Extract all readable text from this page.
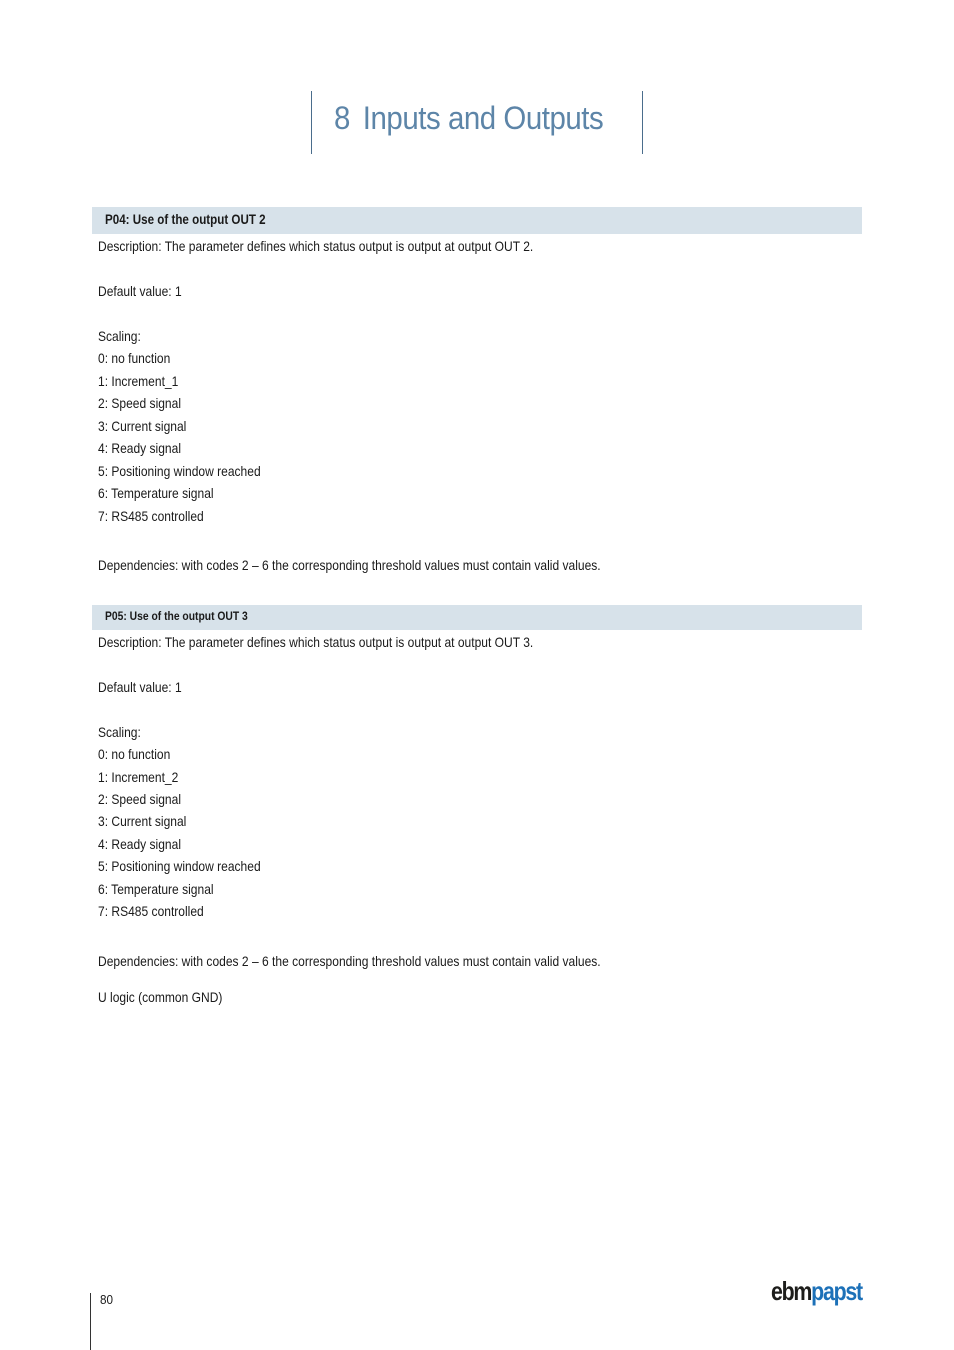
8 Inputs and Outputs
P04: Use of the output OUT 2
Description: The parameter defines which status output is output at output OUT 2.
Default value: 1
Scaling:
0: no function
1: Increment_1
2: Speed signal
3: Current signal
4: Ready signal
5: Positioning window reached
6: Temperature signal
7: RS485 controlled
Dependencies: with codes 2 – 6 the corresponding threshold values must contain valid values.
P05: Use of the output OUT 3
Description: The parameter defines which status output is output at output OUT 3.
Default value: 1
Scaling:
0: no function
1: Increment_2
2: Speed signal
3: Current signal
4: Ready signal
5: Positioning window reached
6: Temperature signal
7: RS485 controlled
Dependencies: with codes 2 – 6 the corresponding threshold values must contain valid values.
U logic (common GND)
80	ebmpapst
